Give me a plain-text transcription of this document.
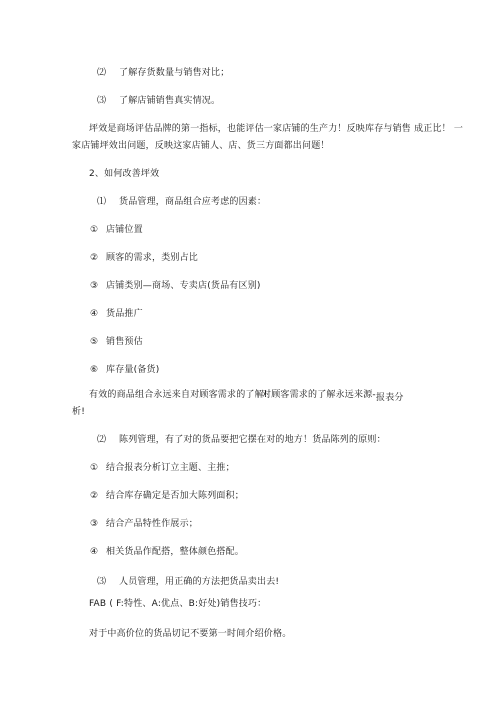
⑵ 了解存货数量与销售对比；
⑶ 了解店铺销售真实情况。
坪效是商场评估品牌的第一指标，也能评估一家店铺的生产力！反映库存与销售 成正比！ 一
家店铺坪效出问题，反映这家店铺人、店、货三方面都出问题！
2、如何改善坪效
⑴ 货品管理，商品组合应考虑的因素：
① 店铺位置
② 顾客的需求，类别占比
③ 店铺类别—商场、专卖店(货品有区别)
④ 货品推广
⑤ 销售预估
⑥ 库存量(备货)
有效的商品组合永远来自对顾客需求的了解!
对顾客需求的了解永远来源- 报表分
析!
⑵ 陈列管理，有了对的货品要把它摆在对的地方！货品陈列的原则：
① 结合报表分析订立主题、主推；
② 结合库存确定是否加大陈列面积；
③ 结合产品特性作展示；
④ 相关货品作配搭，整体颜色搭配。
⑶ 人员管理，用正确的方法把货品卖出去!
FAB ( F:特性、A:优点、B:好处)销售技巧：
对于中高价位的货品切记不要第一时间介绍价格。
